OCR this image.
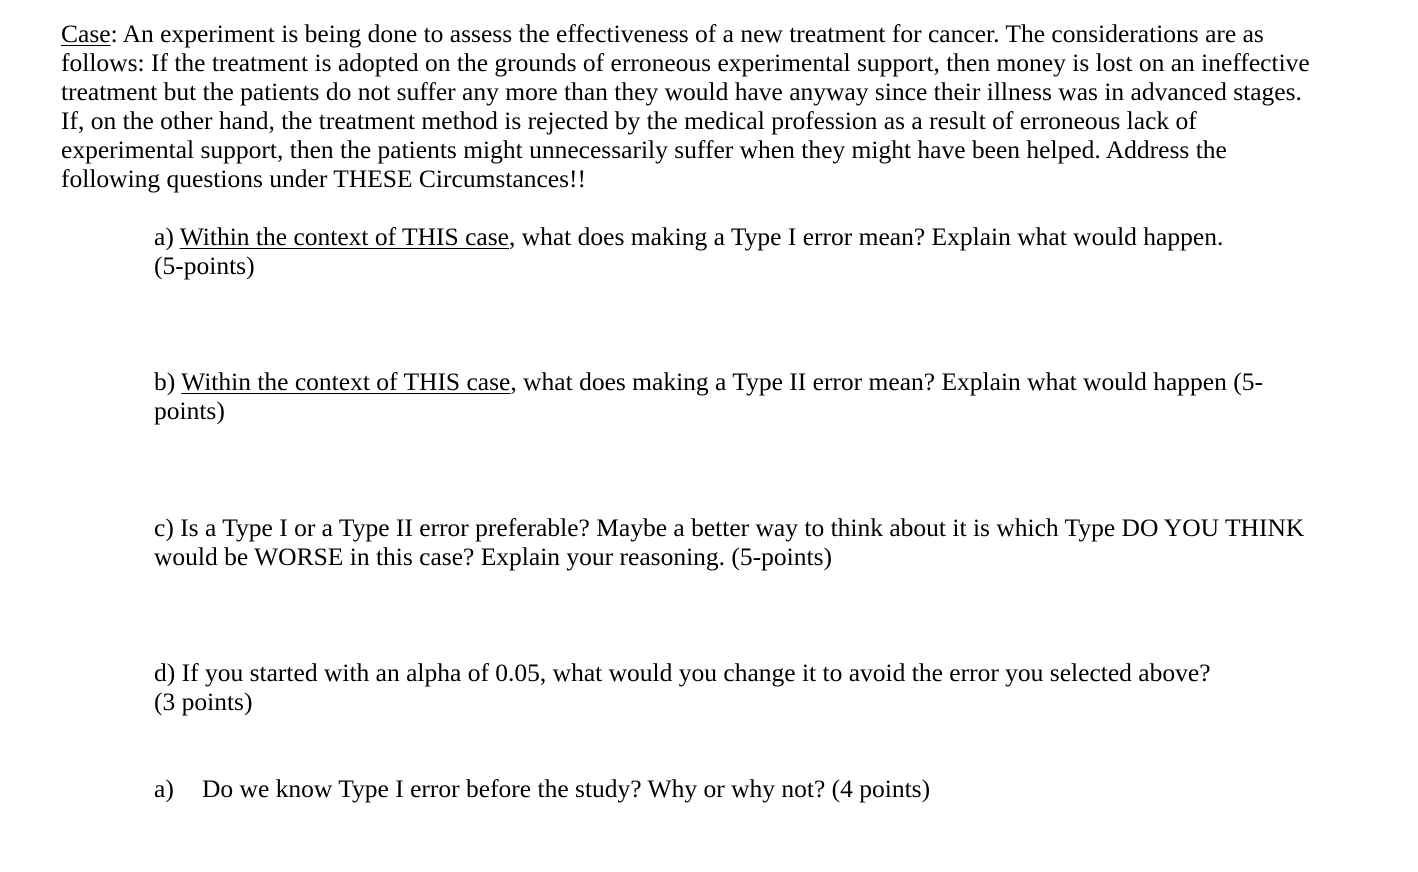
Case: An experiment is being done to assess the effectiveness of a new treatment for cancer. The considerations are as
follows: If the treatment is adopted on the grounds of erroneous experimental support, then money is lost on an ineffective
treatment but the patients do not suffer any more than they would have anyway since their illness was in advanced stages.
If, on the other hand, the treatment method is rejected by the medical profession as a result of erroneous lack of
experimental support, then the patients might unnecessarily suffer when they might have been helped. Address the
following questions under THESE Circumstances!!
a) Within the context of THIS case, what does making a Type I error mean? Explain what would happen.
(5-points)
b) Within the context of THIS case, what does making a Type II error mean? Explain what would happen (5-
points)
c) Is a Type I or a Type II error preferable? Maybe a better way to think about it is which Type DO YOU THINK
would be WORSE in this case? Explain your reasoning. (5-points)
d) If you started with an alpha of 0.05, what would you change it to avoid the error you selected above?
(3 points)
a) Do we know Type I error before the study? Why or why not? (4 points)
